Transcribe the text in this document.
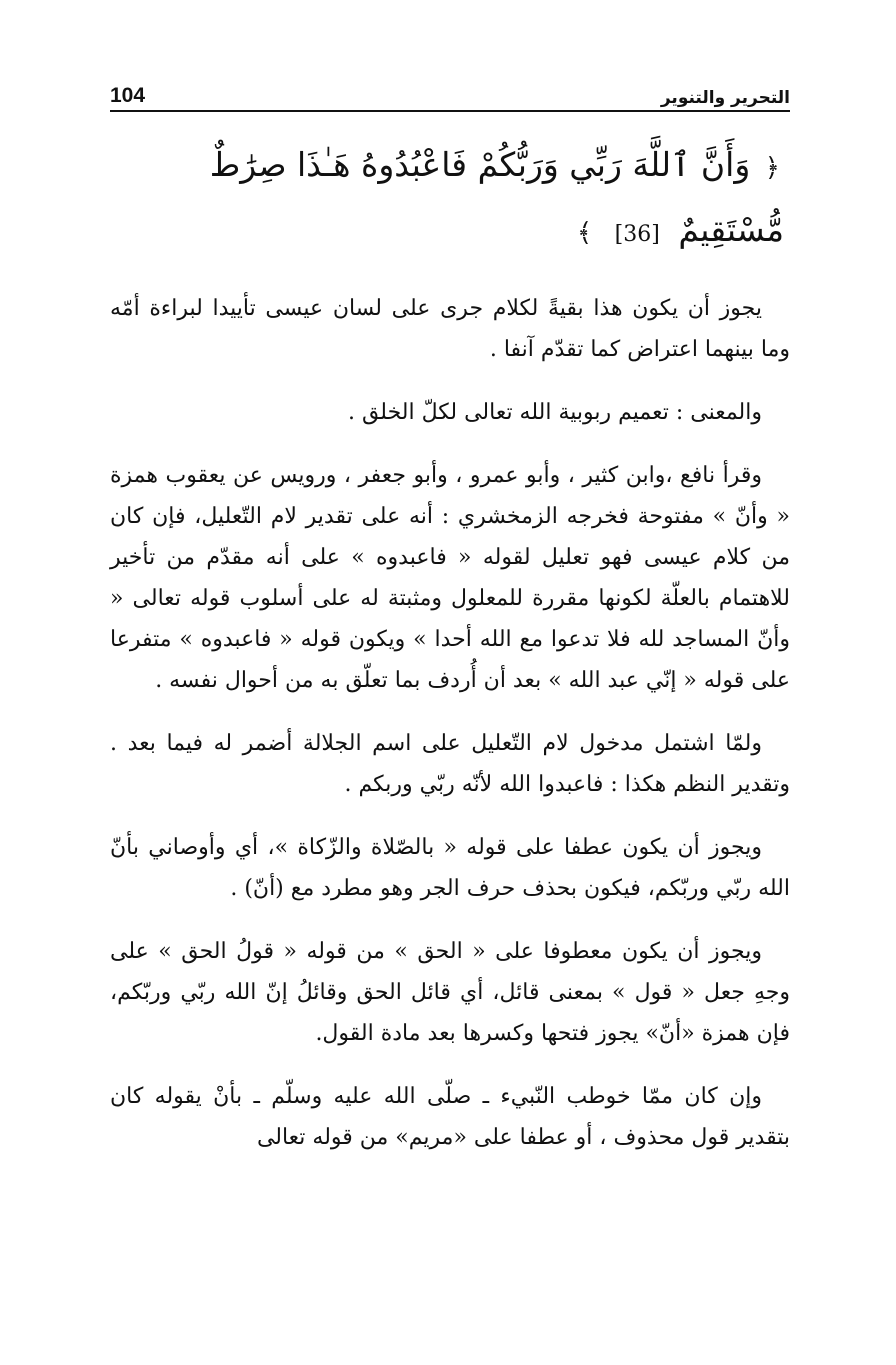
104	التحرير والتنوير
﴿ وَأَنَّ ٱللَّهَ رَبِّي وَرَبُّكُمْ فَاعْبُدُوهُ هَـٰذَا صِرَٰطٌ مُّسْتَقِيمٌ [36] ﴾

يجوز أن يكون هذا بقيةً لكلام جرى على لسان عيسى تأييدا لبراءة أمّه وما بينهما اعتراض كما تقدّم آنفا .

والمعنى : تعميم ربوبية الله تعالى لكلّ الخلق .

وقرأ نافع ،وابن كثير ، وأبو عمرو ، وأبو جعفر ، ورويس عن يعقوب همزة « وأنّ » مفتوحة فخرجه الزمخشري : أنه على تقدير لام التّعليل، فإن كان من كلام عيسى فهو تعليل لقوله « فاعبدوه » على أنه مقدّم من تأخير للاهتمام بالعلّة لكونها مقررة للمعلول ومثبتة له على أسلوب قوله تعالى « وأنّ المساجد لله فلا تدعوا مع الله أحدا » ويكون قوله « فاعبدوه » متفرعا على قوله « إنّي عبد الله » بعد أن أُردف بما تعلّق به من أحوال نفسه .

ولمّا اشتمل مدخول لام التّعليل على اسم الجلالة أضمر له فيما بعد . وتقدير النظم هكذا : فاعبدوا الله لأنّه ربّي وربكم .

ويجوز أن يكون عطفا على قوله « بالصّلاة والزّكاة »، أي وأوصاني بأنّ الله ربّي وربّكم، فيكون بحذف حرف الجر وهو مطرد مع (أنّ) .

ويجوز أن يكون معطوفا على « الحق » من قوله « قولُ الحق » على وجهِ جعل « قول » بمعنى قائل، أي قائل الحق وقائلُ إنّ الله ربّي وربّكم، فإن همزة «أنّ» يجوز فتحها وكسرها بعد مادة القول.

وإن كان ممّا خوطب النّبيء ـ صلّى الله عليه وسلّم ـ بأنْ يقوله كان بتقدير قول محذوف ، أو عطفا على «مريم» من قوله تعالى
